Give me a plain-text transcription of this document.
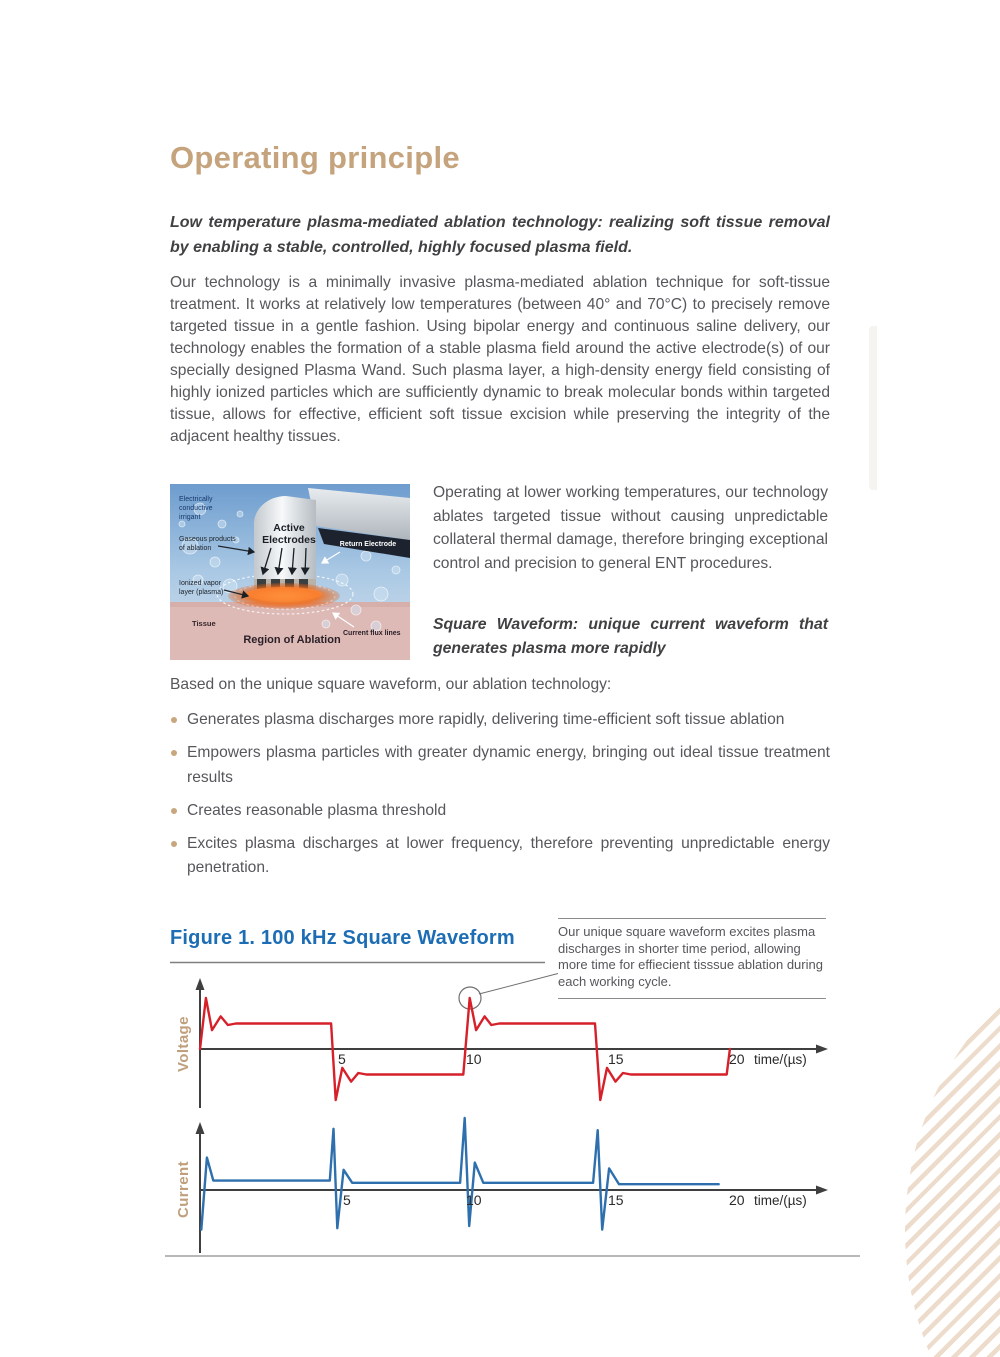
Operating principle
Low temperature plasma-mediated ablation technology: realizing soft tissue removal by enabling a stable, controlled, highly focused plasma field.
Our technology is a minimally invasive plasma-mediated ablation technique for soft-tissue treatment. It works at relatively low temperatures (between 40° and 70°C) to precisely remove targeted tissue in a gentle fashion. Using bipolar energy and continuous saline delivery, our technology enables the formation of a stable plasma field around the active electrode(s) of our specially designed Plasma Wand. Such plasma layer, a high-density energy field consisting of highly ionized particles which are sufficiently dynamic to break molecular bonds within targeted tissue, allows for effective, efficient soft tissue excision while preserving the integrity of the adjacent healthy tissues.
Electrically
conductive
irrigant
Gaseous products
of ablation
Active
Electrodes	Return Electrode
Ionized vapor
layer (plasma)
Tissue
Region of Ablation
Current flux lines
Operating at lower working temperatures, our technology ablates targeted tissue without causing unpredictable collateral thermal damage, therefore bringing exceptional control and precision to general ENT procedures.
Square Waveform: unique current waveform that generates plasma more rapidly
Based on the unique square waveform, our ablation technology:
Generates plasma discharges more rapidly, delivering time-efficient soft tissue ablation
Empowers plasma particles with greater dynamic energy, bringing out ideal tissue treatment results
Creates reasonable plasma threshold
Excites plasma discharges at lower frequency, therefore preventing unpredictable energy penetration.
Figure 1. 100 kHz Square Waveform	Our unique square waveform excites plasma discharges in shorter time period, allowing more time for effiecient tisssue ablation during each working cycle.
5	10	15	20 time/(µs)
Voltage
5	10	15	20 time/(µs)
Current
